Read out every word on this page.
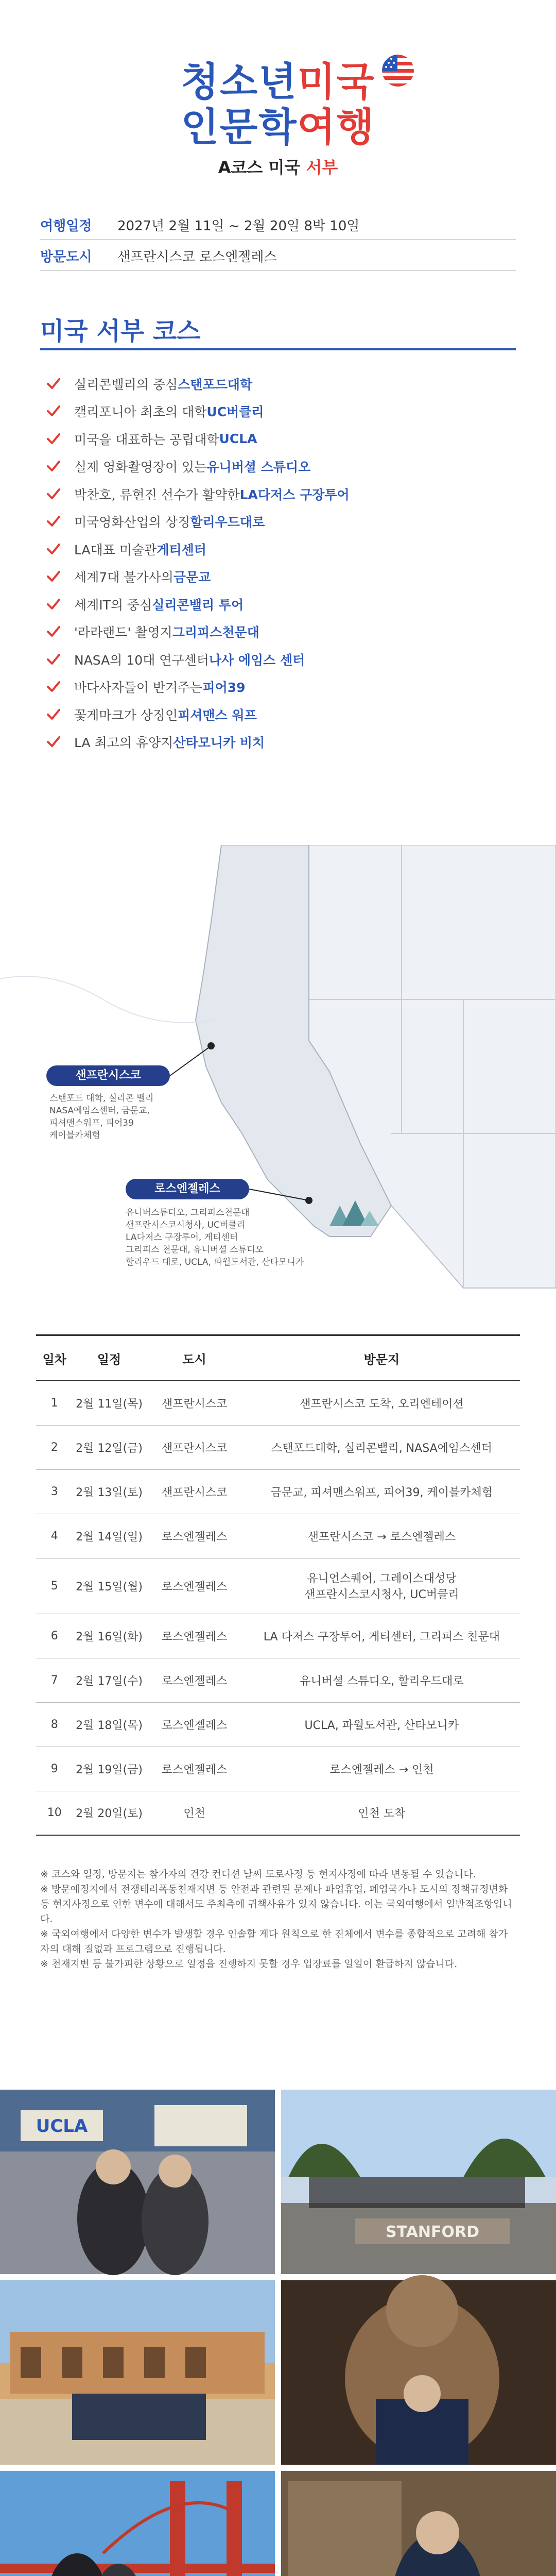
청소년미국
인문학여행
A코스 미국 서부
여행일정 2027년 2월 11일 ~ 2월 20일 8박 10일
방문도시 샌프란시스코 로스엔젤레스
미국 서부 코스
실리콘밸리의 중심 스탠포드대학
캘리포니아 최초의 대학 UC버클리
미국을 대표하는 공립대학 UCLA
실제 영화촬영장이 있는 유니버셜 스튜디오
박찬호, 류현진 선수가 활약한 LA다저스 구장투어
미국영화산업의 상징 할리우드대로
LA대표 미술관 게티센터
세계7대 불가사의 금문교
세계IT의 중심 실리콘밸리 투어
'라라랜드' 촬영지 그리피스천문대
NASA의 10대 연구센터 나사 에임스 센터
바다사자들이 반겨주는 피어39
꽃게마크가 상징인 피셔맨스 워프
LA 최고의 휴양지 산타모니카 비치
샌프란시스코
스탠포드 대학, 실리콘 밸리
NASA에임스센터, 금문교,
피셔맨스워프, 피어39
케이블카체험
로스엔젤레스
유니버스튜디오, 그리피스천문대
샌프란시스코시청사, UC버클리
LA다저스 구장투어, 게티센터
그리피스 천문대, 유니버셜 스튜디오
할리우드 대로, UCLA, 파월도서관, 산타모니카
일차	일정	도시	방문지
1	2월 11일(목)	샌프란시스코	샌프란시스코 도착, 오리엔테이션
2	2월 12일(금)	샌프란시스코	스탠포드대학, 실리콘밸리, NASA에임스센터
3	2월 13일(토)	샌프란시스코	금문교, 피셔맨스워프, 피어39, 케이블카체험
4	2월 14일(일)	로스엔젤레스	샌프란시스코 → 로스엔젤레스
5	2월 15일(월)	로스엔젤레스	유니언스퀘어, 그레이스대성당
샌프란시스코시청사, UC버클리
6	2월 16일(화)	로스엔젤레스	LA 다저스 구장투어, 게티센터, 그리피스 천문대
7	2월 17일(수)	로스엔젤레스	유니버셜 스튜디오, 할리우드대로
8	2월 18일(목)	로스엔젤레스	UCLA, 파월도서관, 산타모니카
9	2월 19일(금)	로스엔젤레스	로스엔젤레스 → 인천
10	2월 20일(토)	인천	인천 도착

※ 코스와 일정, 방문지는 참가자의 건강 컨디션 날씨 도로사정 등 현지사정에 따라 변동될 수 있습니다.

※ 방문예정지에서 전쟁테러폭동천재지변 등 안전과 관련된 문제나 파업휴업, 폐업국가나 도시의 정책규정변화 등 현지사정으로 인한 변수에 대해서도 주최측에 귀책사유가 있지 않습니다. 이는 국외여행에서 일반적조항입니다.

※ 국외여행에서 다양한 변수가 발생할 경우 인솔할 게다 원칙으로 한 진체에서 변수를 종합적으로 고려해 참가자의 대해 질없과 프로그램으로 진행됩니다.

※ 천재지변 등 불가피한 상황으로 일정을 진행하지 못할 경우 입장료를 일일이 환급하지 않습니다.

UCLA
STANFORD
